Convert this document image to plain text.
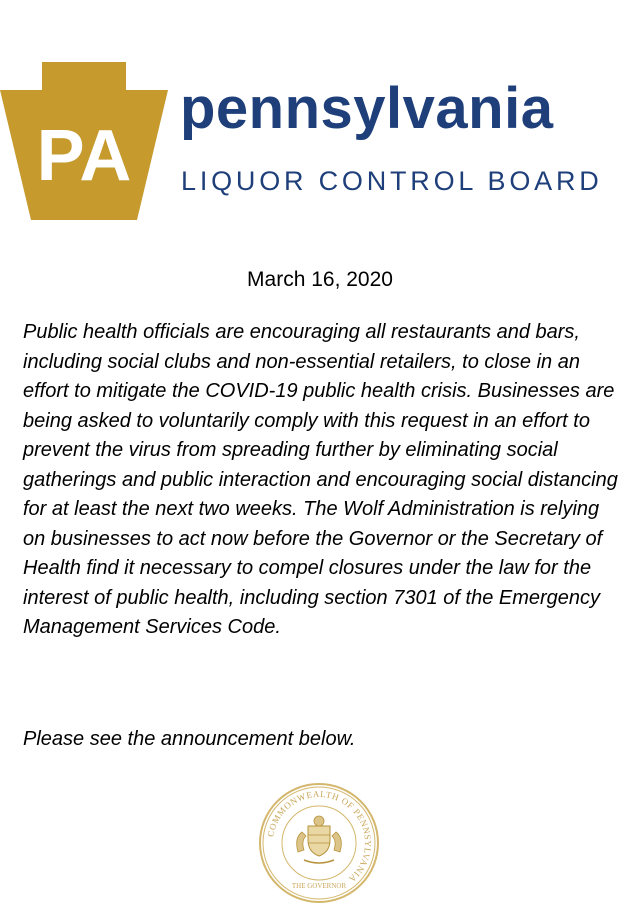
PA
pennsylvania
LIQUOR CONTROL BOARD
March 16, 2020

Public health officials are encouraging all restaurants and bars, including social clubs and non-essential retailers, to close in an effort to mitigate the COVID-19 public health crisis. Businesses are being asked to voluntarily comply with this request in an effort to prevent the virus from spreading further by eliminating social gatherings and public interaction and encouraging social distancing for at least the next two weeks. The Wolf Administration is relying on businesses to act now before the Governor or the Secretary of Health find it necessary to compel closures under the law for the interest of public health, including section 7301 of the Emergency Management Services Code.

Please see the announcement below.

COMMONWEALTH OF PENNSYLVANIA
THE GOVERNOR
